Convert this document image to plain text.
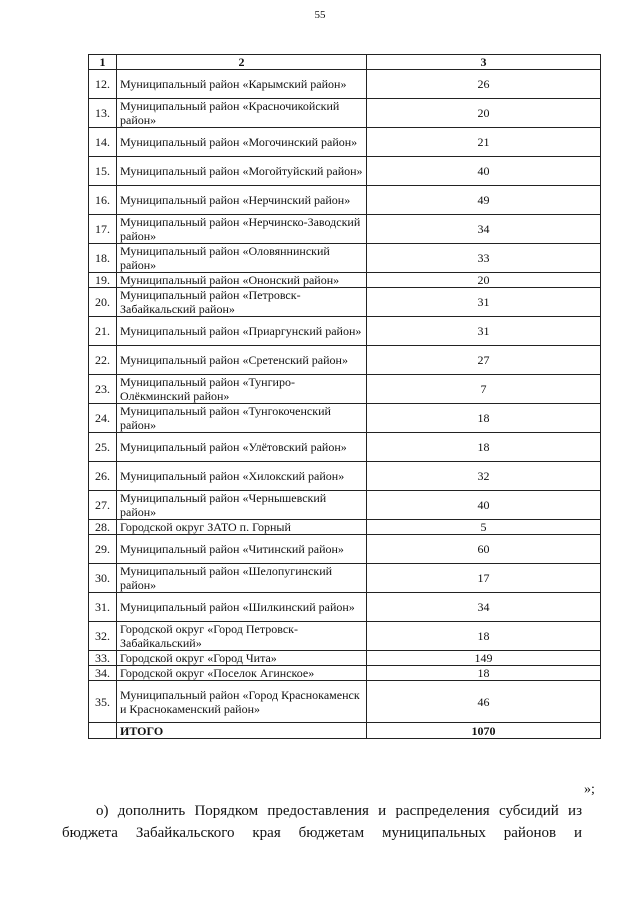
55
1	2	3
12.	Муниципальный район «Карымский район»	26
13.	Муниципальный район «Красночикойский район»	20
14.	Муниципальный район «Могочинский район»	21
15.	Муниципальный район «Могойтуйский район»	40
16.	Муниципальный район «Нерчинский район»	49
17.	Муниципальный район «Нерчинско-Заводский район»	34
18.	Муниципальный район «Оловяннинский район»	33
19.	Муниципальный район «Ононский район»	20
20.	Муниципальный район «Петровск-Забайкальский район»	31
21.	Муниципальный район «Приаргунский район»	31
22.	Муниципальный район «Сретенский район»	27
23.	Муниципальный район «Тунгиро-Олёкминский район»	7
24.	Муниципальный район «Тунгокоченский район»	18
25.	Муниципальный район «Улётовский район»	18
26.	Муниципальный район «Хилокский район»	32
27.	Муниципальный район «Чернышевский район»	40
28.	Городской округ ЗАТО п. Горный	5
29.	Муниципальный район «Читинский район»	60
30.	Муниципальный район «Шелопугинский район»	17
31.	Муниципальный район «Шилкинский район»	34
32.	Городской округ «Город Петровск-Забайкальский»	18
33.	Городской округ «Город Чита»	149
34.	Городской округ «Поселок Агинское»	18
35.	Муниципальный район «Город Краснокаменск и Краснокаменский район»	46
	ИТОГО	1070
»;
о) дополнить Порядком предоставления и распределения субсидий из
бюджета Забайкальского края бюджетам муниципальных районов и
